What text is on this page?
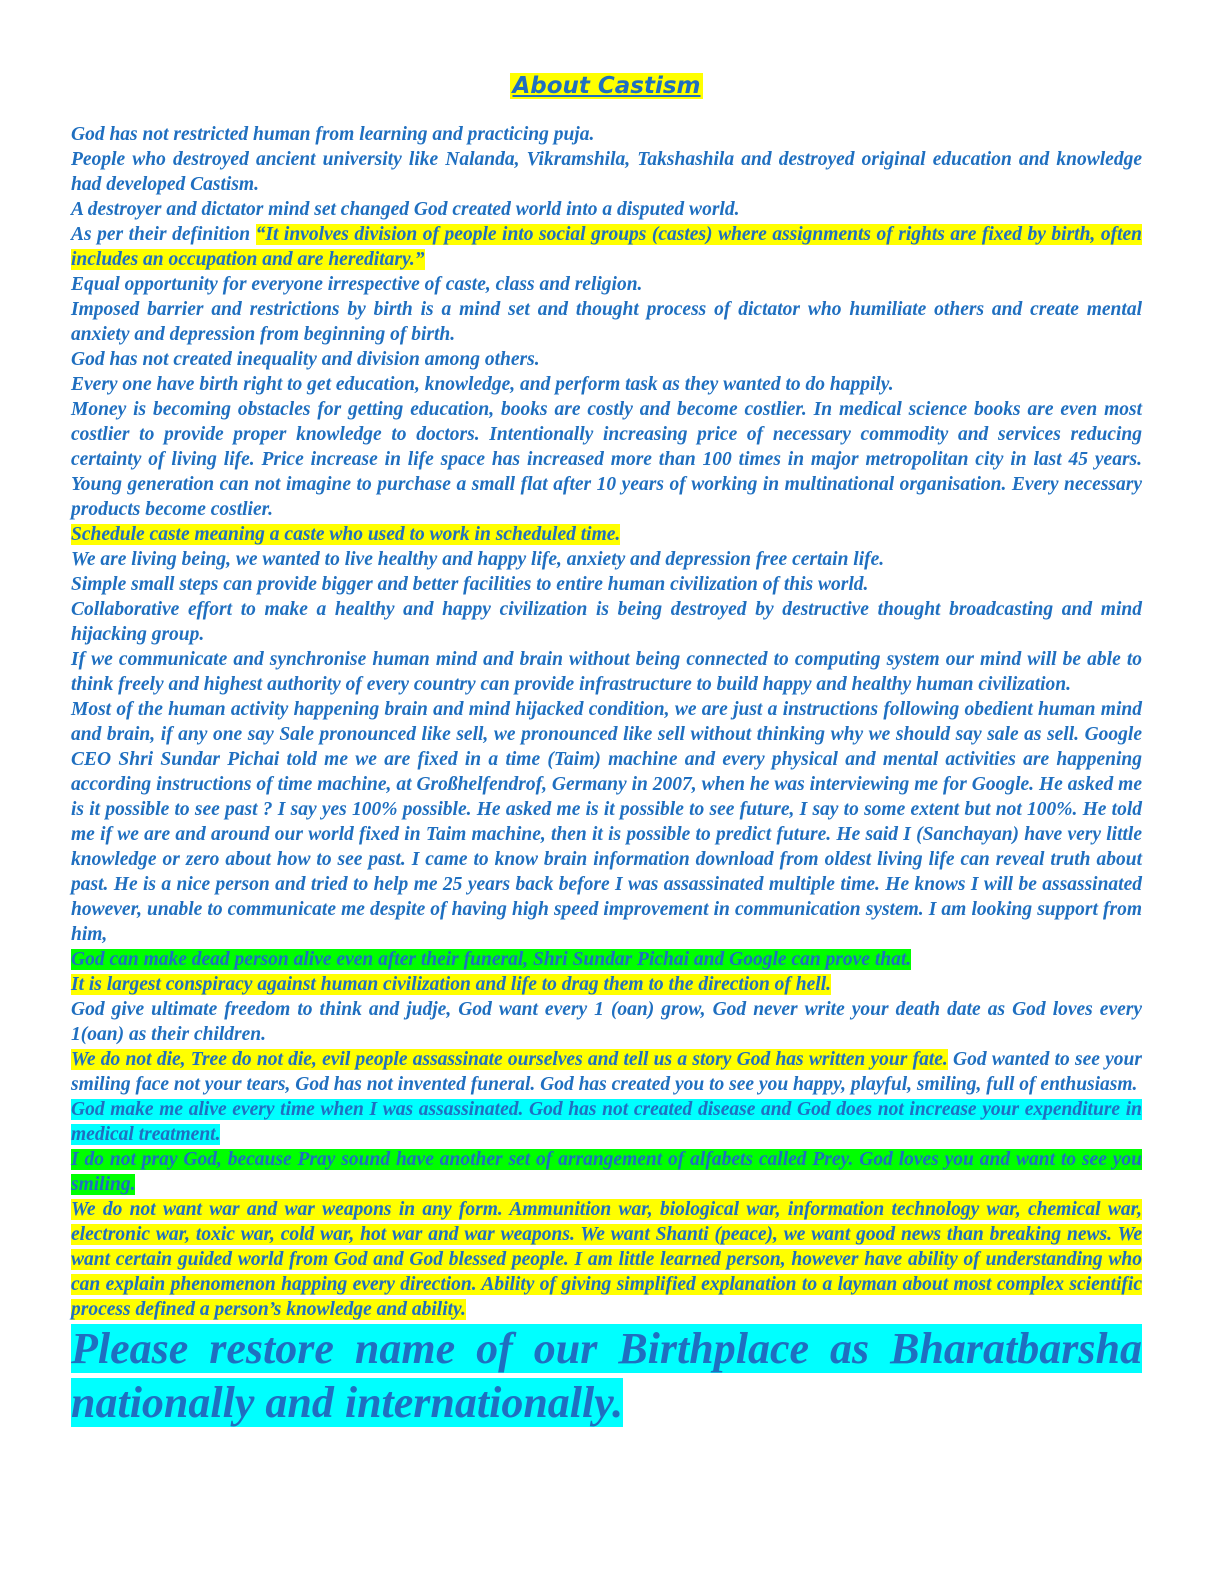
About Castism

God has not restricted human from learning and practicing puja.

People who destroyed ancient university like Nalanda, Vikramshila, Takshashila and destroyed original education and knowledge had developed Castism.

A destroyer and dictator mind set changed God created world into a disputed world.

As per their definition “It involves division of people into social groups (castes) where assignments of rights are fixed by birth, often includes an occupation and are hereditary.”

Equal opportunity for everyone irrespective of caste, class and religion.

Imposed barrier and restrictions by birth is a mind set and thought process of dictator who humiliate others and create mental anxiety and depression from beginning of birth.

God has not created inequality and division among others.

Every one have birth right to get education, knowledge, and perform task as they wanted to do happily.

Money is becoming obstacles for getting education, books are costly and become costlier. In medical science books are even most costlier to provide proper knowledge to doctors. Intentionally increasing price of necessary commodity and services reducing certainty of living life. Price increase in life space has increased more than 100 times in major metropolitan city in last 45 years. Young generation can not imagine to purchase a small flat after 10 years of working in multinational organisation. Every necessary products become costlier.

Schedule caste meaning a caste who used to work in scheduled time.

We are living being, we wanted to live healthy and happy life, anxiety and depression free certain life.

Simple small steps can provide bigger and better facilities to entire human civilization of this world.

Collaborative effort to make a healthy and happy civilization is being destroyed by destructive thought broadcasting and mind hijacking group.

If we communicate and synchronise human mind and brain without being connected to computing system our mind will be able to think freely and highest authority of every country can provide infrastructure to build happy and healthy human civilization.

Most of the human activity happening brain and mind hijacked condition, we are just a instructions following obedient human mind and brain, if any one say Sale pronounced like sell, we pronounced like sell without thinking why we should say sale as sell. Google CEO Shri Sundar Pichai told me we are fixed in a time (Taim) machine and every physical and mental activities are happening according instructions of time machine, at Großhelfendrof, Germany in 2007, when he was interviewing me for Google. He asked me is it possible to see past ? I say yes 100% possible. He asked me is it possible to see future, I say to some extent but not 100%. He told me if we are and around our world fixed in Taim machine, then it is possible to predict future. He said I (Sanchayan) have very little knowledge or zero about how to see past. I came to know brain information download from oldest living life can reveal truth about past. He is a nice person and tried to help me 25 years back before I was assassinated multiple time. He knows I will be assassinated however, unable to communicate me despite of having high speed improvement in communication system. I am looking support from him,

God can make dead person alive even after their funeral, Shri Sundar Pichai and Google can prove that.

It is largest conspiracy against human civilization and life to drag them to the direction of hell.

God give ultimate freedom to think and judje, God want every 1 (oan) grow, God never write your death date as God loves every 1(oan) as their children.

We do not die, Tree do not die, evil people assassinate ourselves and tell us a story God has written your fate. God wanted to see your smiling face not your tears, God has not invented funeral. God has created you to see you happy, playful, smiling, full of enthusiasm.

God make me alive every time when I was assassinated. God has not created disease and God does not increase your expenditure in medical treatment.

I do not pray God, because Pray sound have another set of arrangement of alfabets called Prey. God loves you and want to see you smiling.

We do not want war and war weapons in any form. Ammunition war, biological war, information technology war, chemical war, electronic war, toxic war, cold war, hot war and war weapons. We want Shanti (peace), we want good news than breaking news. We want certain guided world from God and God blessed people. I am little learned person, however have ability of understanding who can explain phenomenon happing every direction. Ability of giving simplified explanation to a layman about most complex scientific process defined a person’s knowledge and ability.

Please restore name of our Birthplace as Bharatbarsha nationally and internationally.
